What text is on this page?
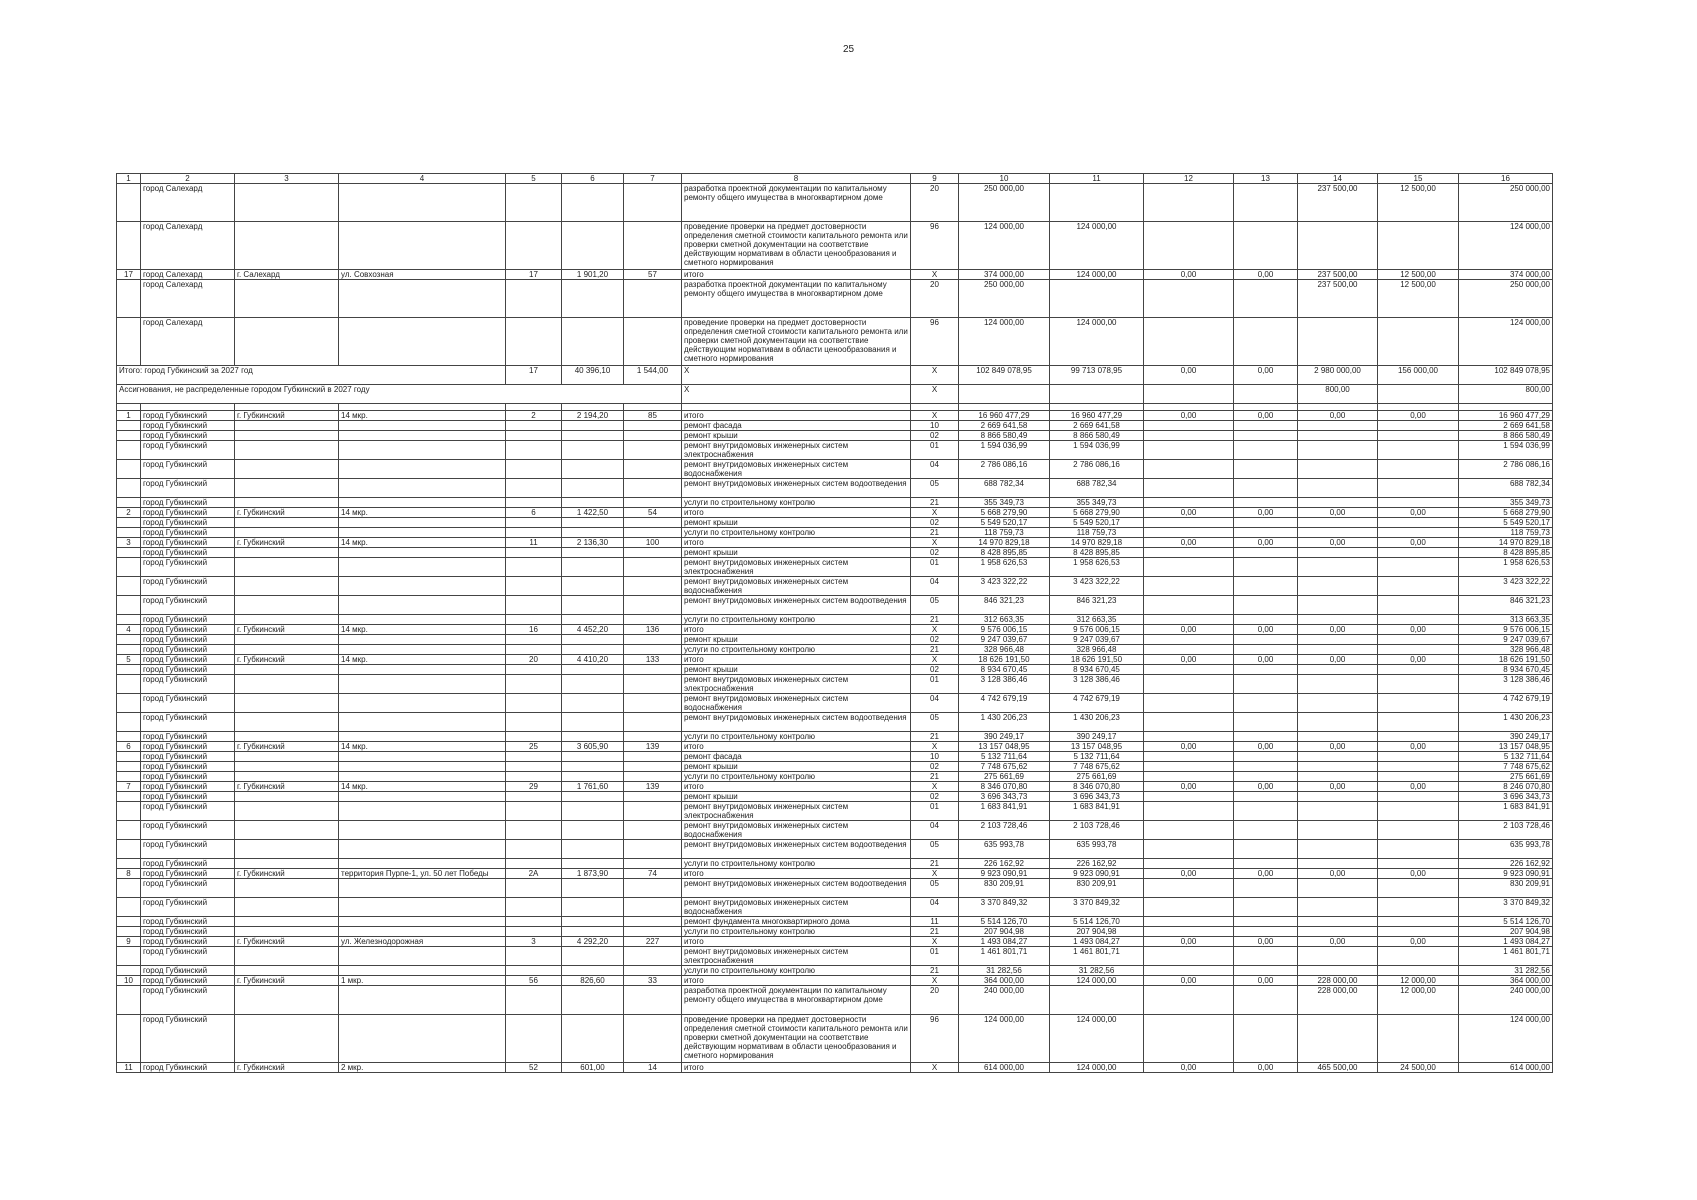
25
1	2	3	4	5	6	7	8	9	10	11	12	13	14	15	16
	город Салехард						разработка проектной документации по капитальному ремонту общего имущества в многоквартирном доме	20	250 000,00				237 500,00	12 500,00	250 000,00
	город Салехард						проведение проверки на предмет достоверности определения сметной стоимости капитального ремонта или проверки сметной документации на соответствие действующим нормативам в области ценообразования и сметного нормирования	96	124 000,00	124 000,00					124 000,00
17	город Салехард	г. Салехард	ул. Совхозная	17	1 901,20	57	итого	X	374 000,00	124 000,00	0,00	0,00	237 500,00	12 500,00	374 000,00
	город Салехард						разработка проектной документации по капитальному ремонту общего имущества в многоквартирном доме	20	250 000,00				237 500,00	12 500,00	250 000,00
	город Салехард						проведение проверки на предмет достоверности определения сметной стоимости капитального ремонта или проверки сметной документации на соответствие действующим нормативам в области ценообразования и сметного нормирования	96	124 000,00	124 000,00					124 000,00
Итого: город Губкинский за 2027 год				17	40 396,10	1 544,00	X	X	102 849 078,95	99 713 078,95	0,00	0,00	2 980 000,00	156 000,00	102 849 078,95
Ассигнования, не распределенные городом Губкинский в 2027 году							X	X					800,00		800,00

1	город Губкинский	г. Губкинский	14 мкр.	2	2 194,20	85	итого	X	16 960 477,29	16 960 477,29	0,00	0,00	0,00	0,00	16 960 477,29
	город Губкинский						ремонт фасада	10	2 669 641,58	2 669 641,58					2 669 641,58
	город Губкинский						ремонт крыши	02	8 866 580,49	8 866 580,49					8 866 580,49
	город Губкинский						ремонт внутридомовых инженерных систем электроснабжения	01	1 594 036,99	1 594 036,99					1 594 036,99
	город Губкинский						ремонт внутридомовых инженерных систем водоснабжения	04	2 786 086,16	2 786 086,16					2 786 086,16
	город Губкинский						ремонт внутридомовых инженерных систем водоотведения	05	688 782,34	688 782,34					688 782,34
	город Губкинский						услуги по строительному контролю	21	355 349,73	355 349,73					355 349,73
2	город Губкинский	г. Губкинский	14 мкр.	6	1 422,50	54	итого	X	5 668 279,90	5 668 279,90	0,00	0,00	0,00	0,00	5 668 279,90
	город Губкинский						ремонт крыши	02	5 549 520,17	5 549 520,17					5 549 520,17
	город Губкинский						услуги по строительному контролю	21	118 759,73	118 759,73					118 759,73
3	город Губкинский	г. Губкинский	14 мкр.	11	2 136,30	100	итого	X	14 970 829,18	14 970 829,18	0,00	0,00	0,00	0,00	14 970 829,18
	город Губкинский						ремонт крыши	02	8 428 895,85	8 428 895,85					8 428 895,85
	город Губкинский						ремонт внутридомовых инженерных систем электроснабжения	01	1 958 626,53	1 958 626,53					1 958 626,53
	город Губкинский						ремонт внутридомовых инженерных систем водоснабжения	04	3 423 322,22	3 423 322,22					3 423 322,22
	город Губкинский						ремонт внутридомовых инженерных систем водоотведения	05	846 321,23	846 321,23					846 321,23
	город Губкинский						услуги по строительному контролю	21	312 663,35	312 663,35					313 663,35
4	город Губкинский	г. Губкинский	14 мкр.	16	4 452,20	136	итого	X	9 576 006,15	9 576 006,15	0,00	0,00	0,00	0,00	9 576 006,15
	город Губкинский						ремонт крыши	02	9 247 039,67	9 247 039,67					9 247 039,67
	город Губкинский						услуги по строительному контролю	21	328 966,48	328 966,48					328 966,48
5	город Губкинский	г. Губкинский	14 мкр.	20	4 410,20	133	итого	X	18 626 191,50	18 626 191,50	0,00	0,00	0,00	0,00	18 626 191,50
	город Губкинский						ремонт крыши	02	8 934 670,45	8 934 670,45					8 934 670,45
	город Губкинский						ремонт внутридомовых инженерных систем электроснабжения	01	3 128 386,46	3 128 386,46					3 128 386,46
	город Губкинский						ремонт внутридомовых инженерных систем водоснабжения	04	4 742 679,19	4 742 679,19					4 742 679,19
	город Губкинский						ремонт внутридомовых инженерных систем водоотведения	05	1 430 206,23	1 430 206,23					1 430 206,23
	город Губкинский						услуги по строительному контролю	21	390 249,17	390 249,17					390 249,17
6	город Губкинский	г. Губкинский	14 мкр.	25	3 605,90	139	итого	X	13 157 048,95	13 157 048,95	0,00	0,00	0,00	0,00	13 157 048,95
	город Губкинский						ремонт фасада	10	5 132 711,64	5 132 711,64					5 132 711,64
	город Губкинский						ремонт крыши	02	7 748 675,62	7 748 675,62					7 748 675,62
	город Губкинский						услуги по строительному контролю	21	275 661,69	275 661,69					275 661,69
7	город Губкинский	г. Губкинский	14 мкр.	29	1 761,60	139	итого	X	8 346 070,80	8 346 070,80	0,00	0,00	0,00	0,00	8 246 070,80
	город Губкинский						ремонт крыши	02	3 696 343,73	3 696 343,73					3 696 343,73
	город Губкинский						ремонт внутридомовых инженерных систем электроснабжения	01	1 683 841,91	1 683 841,91					1 683 841,91
	город Губкинский						ремонт внутридомовых инженерных систем водоснабжения	04	2 103 728,46	2 103 728,46					2 103 728,46
	город Губкинский						ремонт внутридомовых инженерных систем водоотведения	05	635 993,78	635 993,78					635 993,78
	город Губкинский						услуги по строительному контролю	21	226 162,92	226 162,92					226 162,92
8	город Губкинский	г. Губкинский	территория Пурпе-1, ул. 50 лет Победы	2А	1 873,90	74	итого	X	9 923 090,91	9 923 090,91	0,00	0,00	0,00	0,00	9 923 090,91
	город Губкинский						ремонт внутридомовых инженерных систем водоотведения	05	830 209,91	830 209,91					830 209,91
	город Губкинский						ремонт внутридомовых инженерных систем водоснабжения	04	3 370 849,32	3 370 849,32					3 370 849,32
	город Губкинский						ремонт фундамента многоквартирного дома	11	5 514 126,70	5 514 126,70					5 514 126,70
	город Губкинский						услуги по строительному контролю	21	207 904,98	207 904,98					207 904,98
9	город Губкинский	г. Губкинский	ул. Железнодорожная	3	4 292,20	227	итого	X	1 493 084,27	1 493 084,27	0,00	0,00	0,00	0,00	1 493 084,27
	город Губкинский						ремонт внутридомовых инженерных систем электроснабжения	01	1 461 801,71	1 461 801,71					1 461 801,71
	город Губкинский						услуги по строительному контролю	21	31 282,56	31 282,56					31 282,56
10	город Губкинский	г. Губкинский	1 мкр.	56	826,60	33	итого	X	364 000,00	124 000,00	0,00	0,00	228 000,00	12 000,00	364 000,00
	город Губкинский						разработка проектной документации по капитальному ремонту общего имущества в многоквартирном доме	20	240 000,00				228 000,00	12 000,00	240 000,00
	город Губкинский						проведение проверки на предмет достоверности определения сметной стоимости капитального ремонта или проверки сметной документации на соответствие действующим нормативам в области ценообразования и сметного нормирования	96	124 000,00	124 000,00					124 000,00
11	город Губкинский	г. Губкинский	2 мкр.	52	601,00	14	итого	X	614 000,00	124 000,00	0,00	0,00	465 500,00	24 500,00	614 000,00
